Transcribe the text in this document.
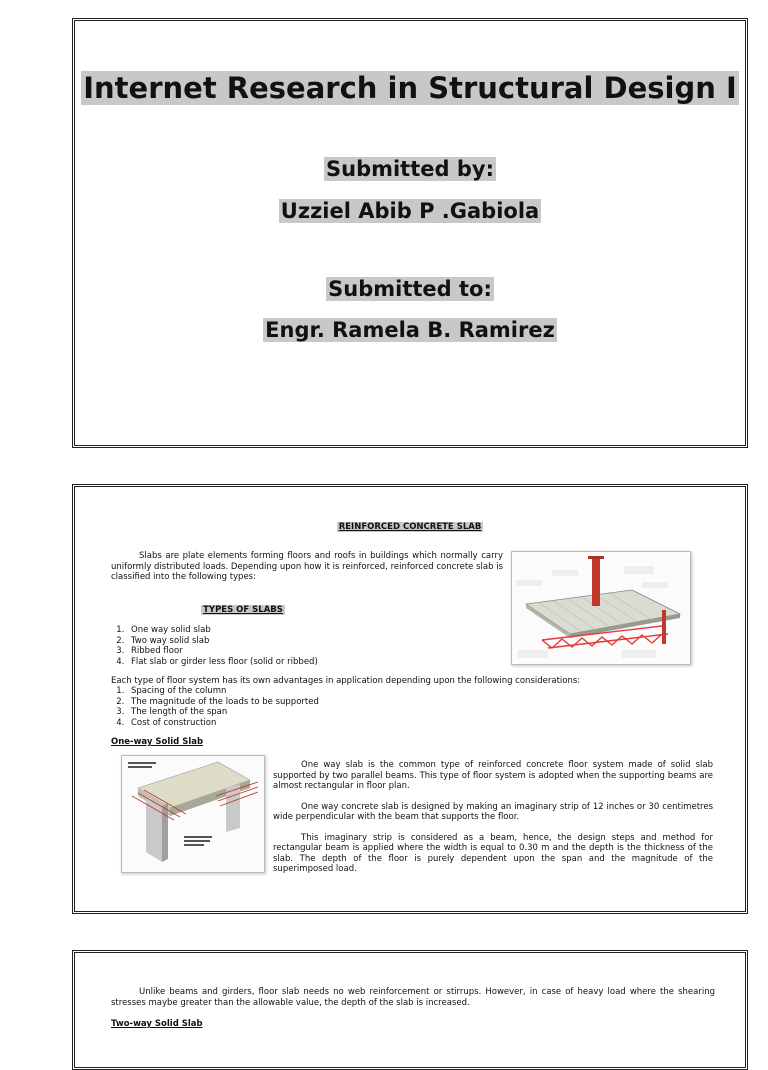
Internet Research in Structural Design I
Submitted by:
Uzziel Abib P .Gabiola
Submitted to:
Engr. Ramela B. Ramirez
REINFORCED CONCRETE SLAB
Slabs are plate elements forming floors and roofs in buildings which normally carry uniformly distributed loads. Depending upon how it is reinforced, reinforced concrete slab is classified into the following types:
TYPES OF SLABS
1. One way solid slab
2. Two way solid slab
3. Ribbed floor
4. Flat slab or girder less floor (solid or ribbed)
Each type of floor system has its own advantages in application depending upon the following considerations:
1. Spacing of the column
2. The magnitude of the loads to be supported
3. The length of the span
4. Cost of construction
One-way Solid Slab
One way slab is the common type of reinforced concrete floor system made of solid slab supported by two parallel beams. This type of floor system is adopted when the supporting beams are almost rectangular in floor plan.
One way concrete slab is designed by making an imaginary strip of 12 inches or 30 centimetres wide perpendicular with the beam that supports the floor.
This imaginary strip is considered as a beam, hence, the design steps and method for rectangular beam is applied where the width is equal to 0.30 m and the depth is the thickness of the slab. The depth of the floor is purely dependent upon the span and the magnitude of the superimposed load.
Unlike beams and girders, floor slab needs no web reinforcement or stirrups. However, in case of heavy load where the shearing stresses maybe greater than the allowable value, the depth of the slab is increased.
Two-way Solid Slab
